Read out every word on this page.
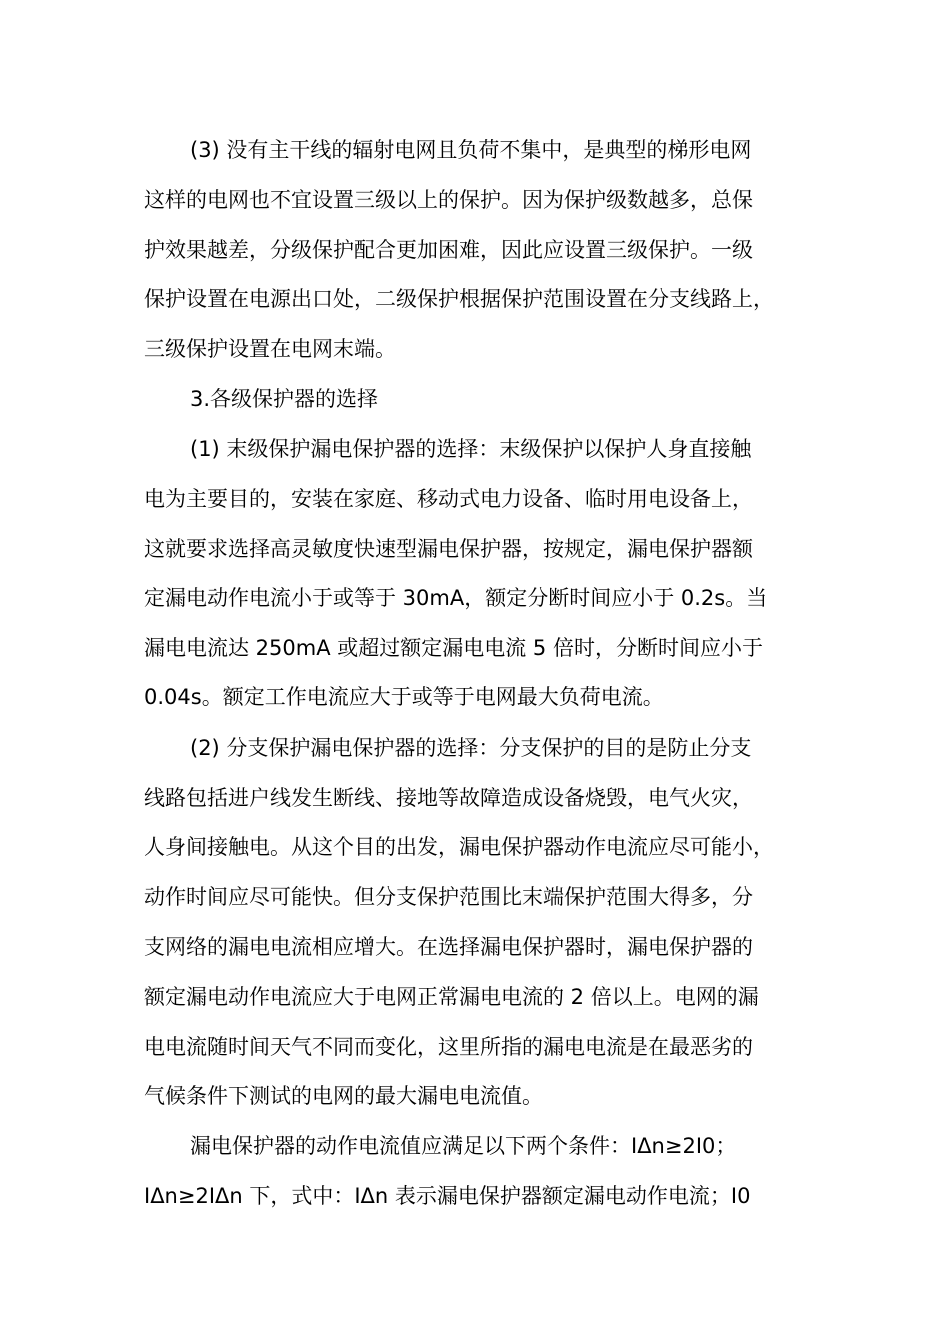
(3) 没有主干线的辐射电网且负荷不集中，是典型的梯形电网

这样的电网也不宜设置三级以上的保护。因为保护级数越多，总保

护效果越差，分级保护配合更加困难，因此应设置三级保护。一级

保护设置在电源出口处，二级保护根据保护范围设置在分支线路上，

三级保护设置在电网末端。

3.各级保护器的选择

(1) 末级保护漏电保护器的选择：末级保护以保护人身直接触

电为主要目的，安装在家庭、移动式电力设备、临时用电设备上，

这就要求选择高灵敏度快速型漏电保护器，按规定，漏电保护器额

定漏电动作电流小于或等于 30mA，额定分断时间应小于 0.2s。当

漏电电流达 250mA 或超过额定漏电电流 5 倍时，分断时间应小于

0.04s。额定工作电流应大于或等于电网最大负荷电流。

(2) 分支保护漏电保护器的选择：分支保护的目的是防止分支

线路包括进户线发生断线、接地等故障造成设备烧毁，电气火灾，

人身间接触电。从这个目的出发，漏电保护器动作电流应尽可能小，

动作时间应尽可能快。但分支保护范围比末端保护范围大得多，分

支网络的漏电电流相应增大。在选择漏电保护器时，漏电保护器的

额定漏电动作电流应大于电网正常漏电电流的 2 倍以上。电网的漏

电电流随时间天气不同而变化，这里所指的漏电电流是在最恶劣的

气候条件下测试的电网的最大漏电电流值。

漏电保护器的动作电流值应满足以下两个条件：IΔn≥2I0；

IΔn≥2IΔn 下，式中：IΔn 表示漏电保护器额定漏电动作电流；I0
